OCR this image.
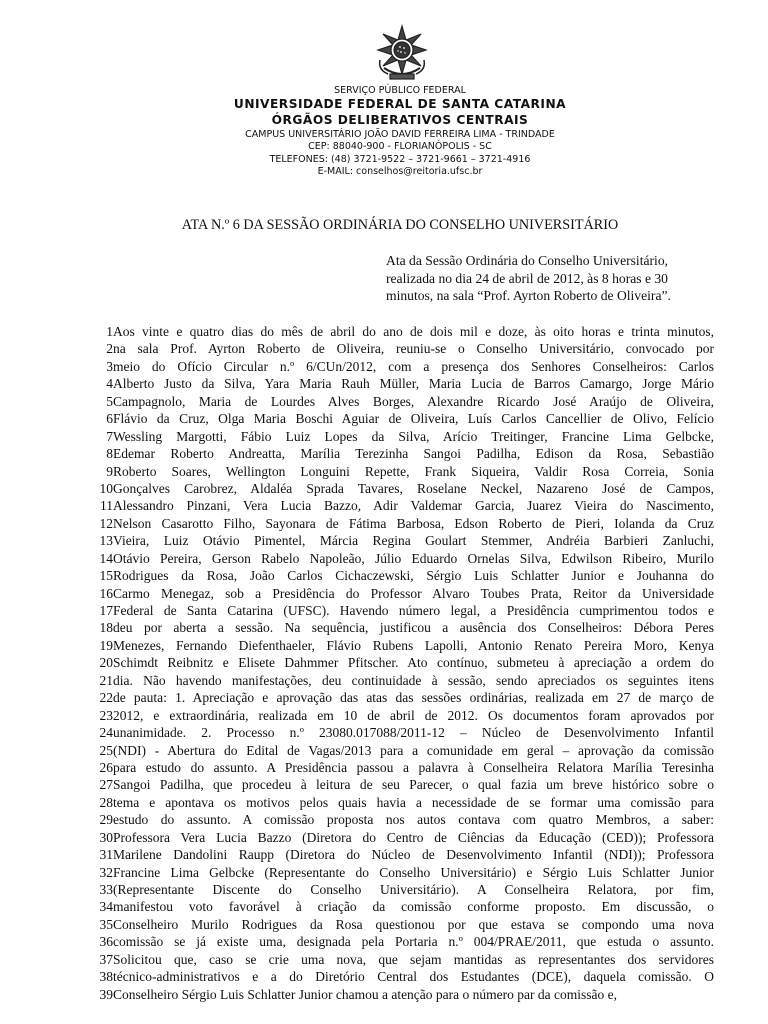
SERVIÇO PÚBLICO FEDERAL
UNIVERSIDADE FEDERAL DE SANTA CATARINA
ÓRGÃOS DELIBERATIVOS CENTRAIS
CAMPUS UNIVERSITÁRIO JOÃO DAVID FERREIRA LIMA - TRINDADE
CEP: 88040-900 - FLORIANÓPOLIS - SC
TELEFONES: (48) 3721-9522 – 3721-9661 – 3721-4916
E-MAIL: conselhos@reitoria.ufsc.br
ATA N.º 6 DA SESSÃO ORDINÁRIA DO CONSELHO UNIVERSITÁRIO
Ata da Sessão Ordinária do Conselho Universitário,
realizada no dia 24 de abril de 2012, às 8 horas e 30
minutos, na sala “Prof. Ayrton Roberto de Oliveira”.
1 Aos vinte e quatro dias do mês de abril do ano de dois mil e doze, às oito horas e trinta minutos,
2 na sala Prof. Ayrton Roberto de Oliveira, reuniu-se o Conselho Universitário, convocado por
3 meio do Ofício Circular n.º 6/CUn/2012, com a presença dos Senhores Conselheiros: Carlos
4 Alberto Justo da Silva, Yara Maria Rauh Müller, Maria Lucia de Barros Camargo, Jorge Mário
5 Campagnolo, Maria de Lourdes Alves Borges, Alexandre Ricardo José Araújo de Oliveira,
6 Flávio da Cruz, Olga Maria Boschi Aguiar de Oliveira, Luís Carlos Cancellier de Olivo, Felício
7 Wessling Margotti, Fábio Luiz Lopes da Silva, Arício Treitinger, Francine Lima Gelbcke,
8 Edemar Roberto Andreatta, Marília Terezinha Sangoi Padilha, Edison da Rosa, Sebastião
9 Roberto Soares, Wellington Longuini Repette, Frank Siqueira, Valdir Rosa Correia, Sonia
10 Gonçalves Carobrez, Aldaléa Sprada Tavares, Roselane Neckel, Nazareno José de Campos,
11 Alessandro Pinzani, Vera Lucia Bazzo, Adir Valdemar Garcia, Juarez Vieira do Nascimento,
12 Nelson Casarotto Filho, Sayonara de Fátima Barbosa, Edson Roberto de Pieri, Iolanda da Cruz
13 Vieira, Luiz Otávio Pimentel, Márcia Regina Goulart Stemmer, Andréia Barbieri Zanluchi,
14 Otávio Pereira, Gerson Rabelo Napoleão, Júlio Eduardo Ornelas Silva, Edwilson Ribeiro, Murilo
15 Rodrigues da Rosa, João Carlos Cichaczewski, Sérgio Luis Schlatter Junior e Jouhanna do
16 Carmo Menegaz, sob a Presidência do Professor Alvaro Toubes Prata, Reitor da Universidade
17 Federal de Santa Catarina (UFSC). Havendo número legal, a Presidência cumprimentou todos e
18 deu por aberta a sessão. Na sequência, justificou a ausência dos Conselheiros: Débora Peres
19 Menezes, Fernando Diefenthaeler, Flávio Rubens Lapolli, Antonio Renato Pereira Moro, Kenya
20 Schimdt Reibnitz e Elisete Dahmmer Pfitscher. Ato contínuo, submeteu à apreciação a ordem do
21 dia. Não havendo manifestações, deu continuidade à sessão, sendo apreciados os seguintes itens
22 de pauta: 1. Apreciação e aprovação das atas das sessões ordinárias, realizada em 27 de março de
23 2012, e extraordinária, realizada em 10 de abril de 2012. Os documentos foram aprovados por
24 unanimidade. 2. Processo n.º 23080.017088/2011-12 – Núcleo de Desenvolvimento Infantil
25 (NDI) - Abertura do Edital de Vagas/2013 para a comunidade em geral – aprovação da comissão
26 para estudo do assunto. A Presidência passou a palavra à Conselheira Relatora Marília Teresinha
27 Sangoi Padilha, que procedeu à leitura de seu Parecer, o qual fazia um breve histórico sobre o
28 tema e apontava os motivos pelos quais havia a necessidade de se formar uma comissão para
29 estudo do assunto. A comissão proposta nos autos contava com quatro Membros, a saber:
30 Professora Vera Lucia Bazzo (Diretora do Centro de Ciências da Educação (CED)); Professora
31 Marilene Dandolini Raupp (Diretora do Núcleo de Desenvolvimento Infantil (NDI)); Professora
32 Francine Lima Gelbcke (Representante do Conselho Universitário) e Sérgio Luis Schlatter Junior
33 (Representante Discente do Conselho Universitário). A Conselheira Relatora, por fim,
34 manifestou voto favorável à criação da comissão conforme proposto. Em discussão, o
35 Conselheiro Murilo Rodrigues da Rosa questionou por que estava se compondo uma nova
36 comissão se já existe uma, designada pela Portaria n.º 004/PRAE/2011, que estuda o assunto.
37 Solicitou que, caso se crie uma nova, que sejam mantidas as representantes dos servidores
38 técnico-administrativos e a do Diretório Central dos Estudantes (DCE), daquela comissão. O
39 Conselheiro Sérgio Luis Schlatter Junior chamou a atenção para o número par da comissão e,
